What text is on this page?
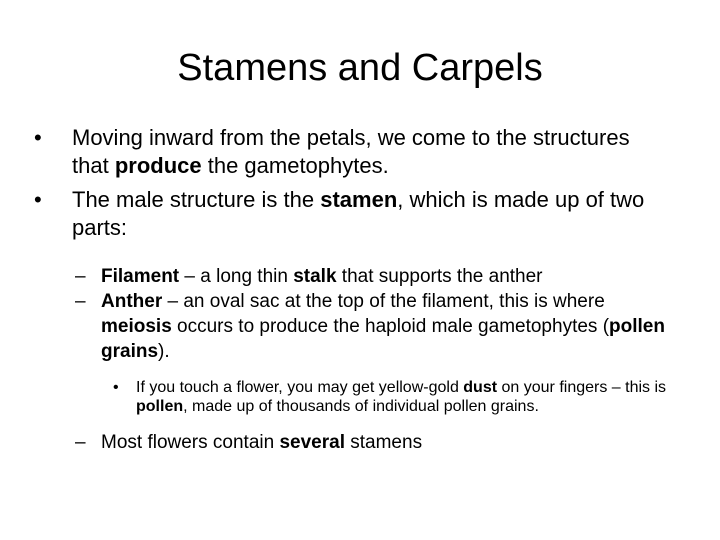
Stamens and Carpels

• Moving inward from the petals, we come to the structures that produce the gametophytes.

• The male structure is the stamen, which is made up of two parts:

– Filament – a long thin stalk that supports the anther

– Anther – an oval sac at the top of the filament, this is where meiosis occurs to produce the haploid male gametophytes (pollen grains).

• If you touch a flower, you may get yellow-gold dust on your fingers – this is pollen, made up of thousands of individual pollen grains.

– Most flowers contain several stamens
